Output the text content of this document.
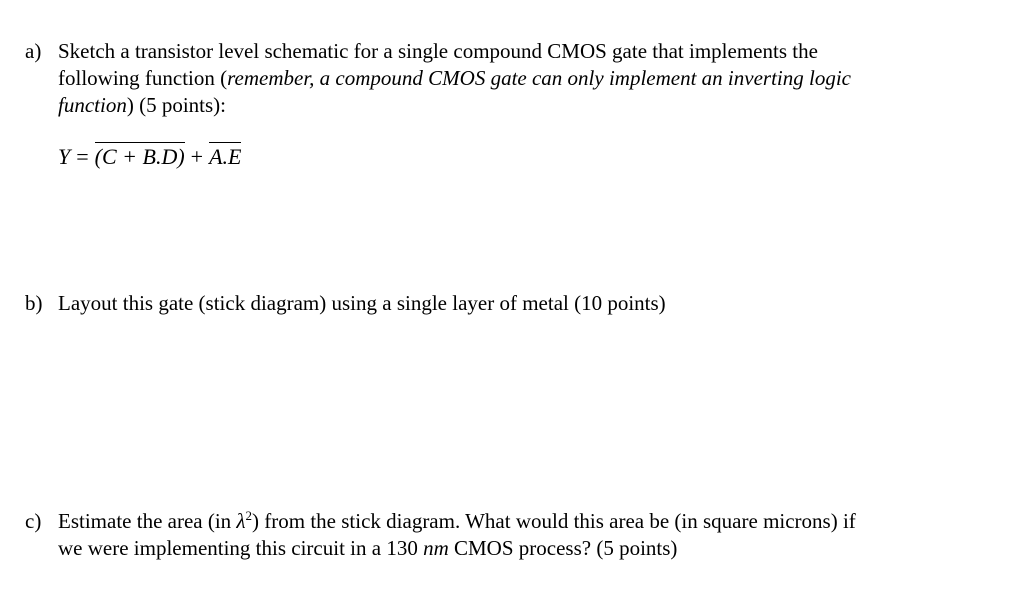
a) Sketch a transistor level schematic for a single compound CMOS gate that implements the following function (remember, a compound CMOS gate can only implement an inverting logic function) (5 points):
Y = (C + B.D) + A.E
b) Layout this gate (stick diagram) using a single layer of metal (10 points)
c) Estimate the area (in $\lambda^2$) from the stick diagram. What would this area be (in square microns) if we were implementing this circuit in a 130 nm CMOS process? (5 points)
